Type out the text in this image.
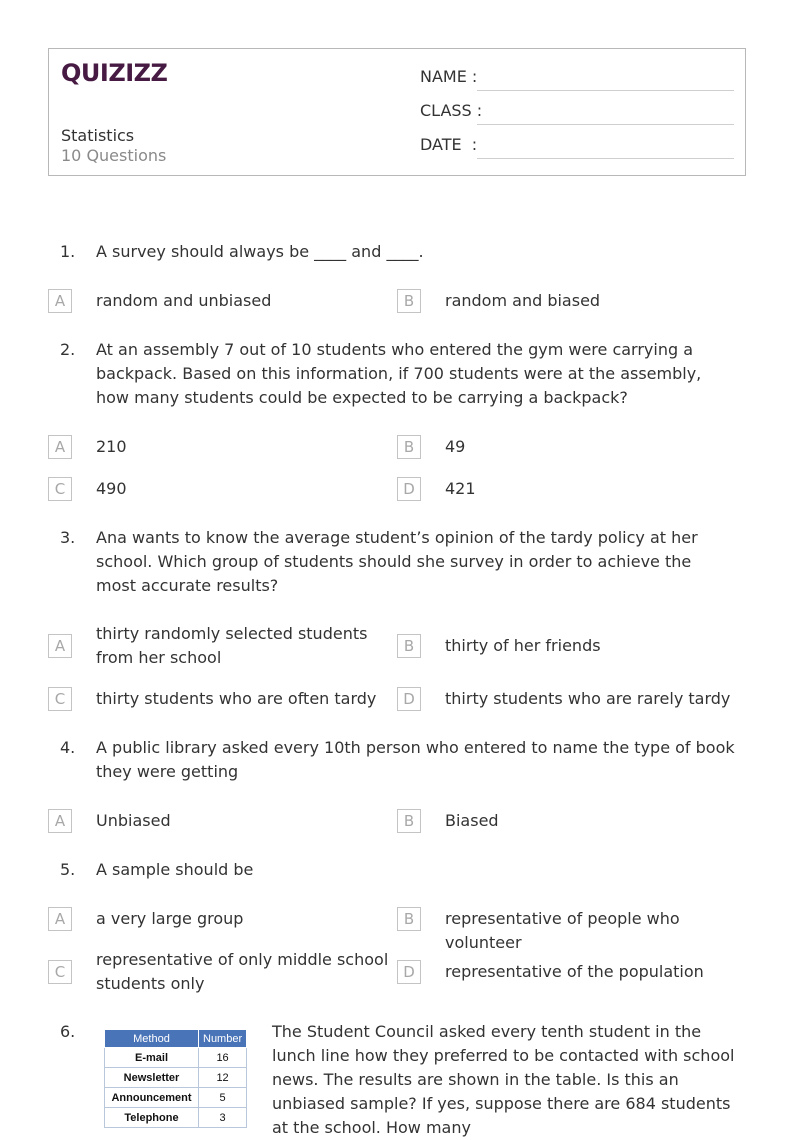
QUIZIZZ
Statistics
10 Questions
NAME :
CLASS :
DATE  :
1. A survey should always be ____ and ____.
A	random and unbiased	B	random and biased
2. At an assembly 7 out of 10 students who entered the gym were carrying a backpack. Based on this information, if 700 students were at the assembly, how many students could be expected to be carrying a backpack?
A	210	B	49
C	490	D	421
3. Ana wants to know the average student’s opinion of the tardy policy at her school. Which group of students should she survey in order to achieve the most accurate results?
A
thirty randomly selected students from her school
B	thirty of her friends
C	thirty students who are often tardy	D	thirty students who are rarely tardy
4. A public library asked every 10th person who entered to name the type of book they were getting
A	Unbiased	B	Biased
5. A sample should be
A	a very large group	B	representative of people who volunteer
C
representative of only middle school students only
D	representative of the population
6.	Method	Number
E-mail	16
Newsletter	12
Announcement	5
Telephone	3
The Student Council asked every tenth student in the lunch line how they preferred to be contacted with school news. The results are shown in the table. Is this an unbiased sample? If yes, suppose there are 684 students at the school. How many
